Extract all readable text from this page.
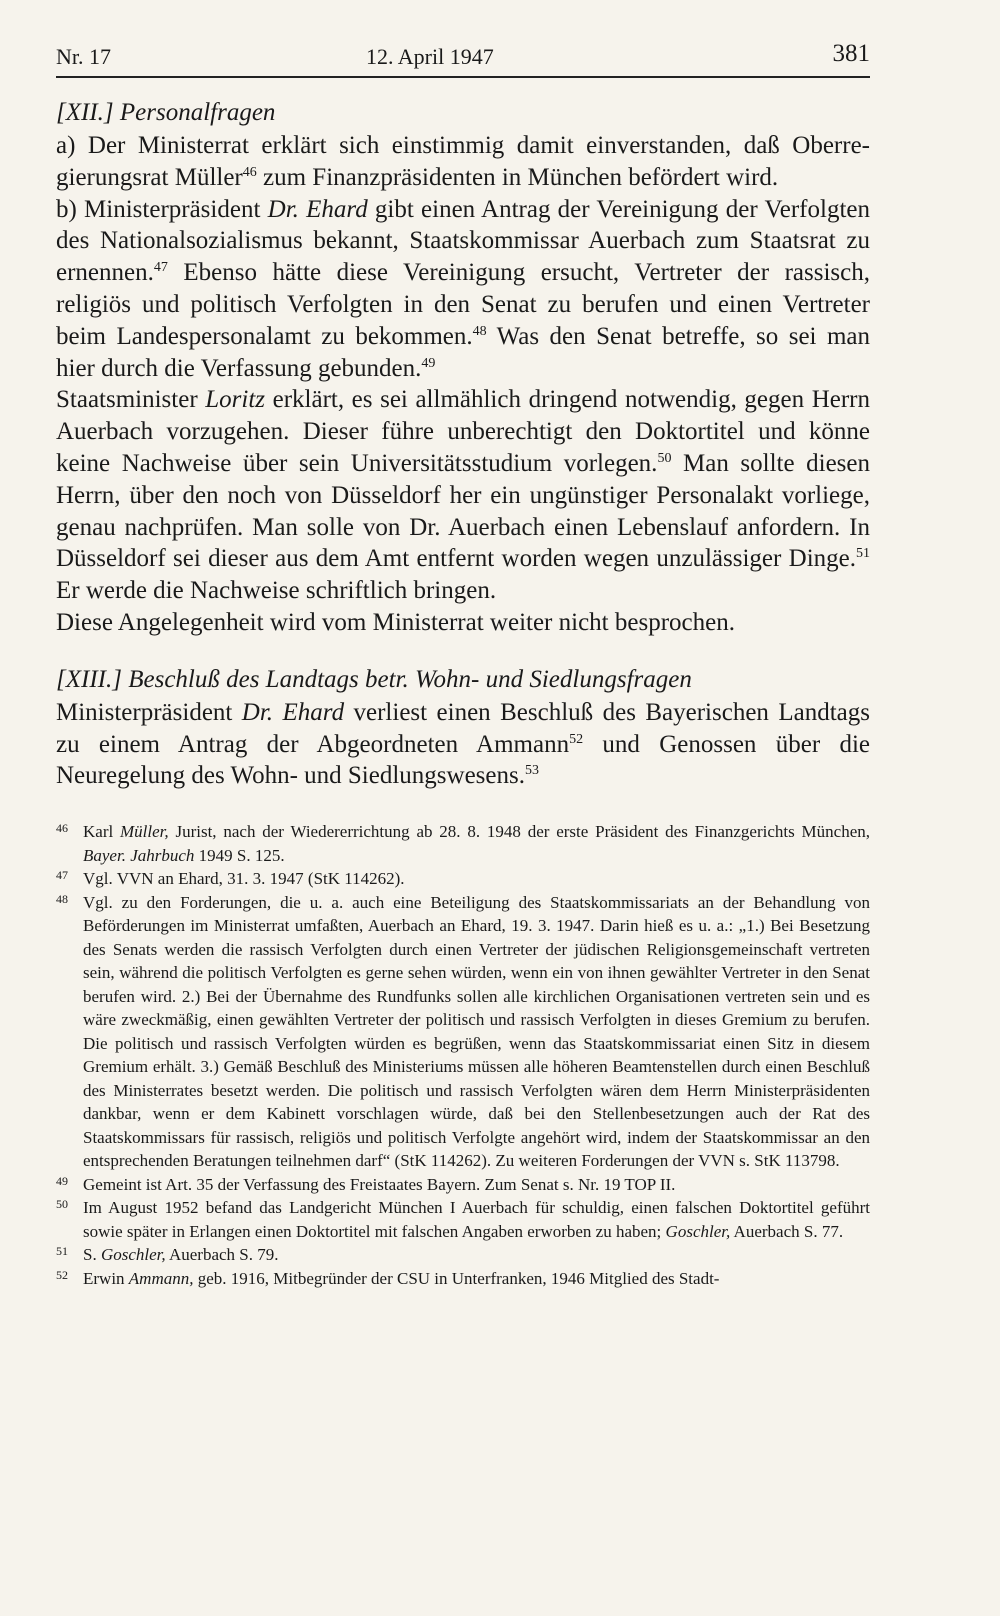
Nr. 17	12. April 1947	381
[XII.] Personalfragen

a) Der Ministerrat erklärt sich einstimmig damit einverstanden, daß Oberre-gierungsrat Müller$^{46}$ zum Finanzpräsidenten in München befördert wird.

b) Ministerpräsident Dr. Ehard gibt einen Antrag der Vereinigung der Verfolgten des Nationalsozialismus bekannt, Staatskommissar Auerbach zum Staatsrat zu ernennen.$^{47}$ Ebenso hätte diese Vereinigung ersucht, Vertreter der rassisch, religiös und politisch Verfolgten in den Senat zu berufen und einen Vertreter beim Landespersonalamt zu bekommen.$^{48}$ Was den Senat betreffe, so sei man hier durch die Verfassung gebunden.$^{49}$

Staatsminister Loritz erklärt, es sei allmählich dringend notwendig, gegen Herrn Auerbach vorzugehen. Dieser führe unberechtigt den Doktortitel und könne keine Nachweise über sein Universitätsstudium vorlegen.$^{50}$ Man sollte diesen Herrn, über den noch von Düsseldorf her ein ungünstiger Personalakt vorliege, genau nachprüfen. Man solle von Dr. Auerbach einen Lebenslauf anfordern. In Düsseldorf sei dieser aus dem Amt entfernt worden wegen unzulässiger Dinge.$^{51}$ Er werde die Nachweise schriftlich bringen.

Diese Angelegenheit wird vom Ministerrat weiter nicht besprochen.

[XIII.] Beschluß des Landtags betr. Wohn- und Siedlungsfragen

Ministerpräsident Dr. Ehard verliest einen Beschluß des Bayerischen Landtags zu einem Antrag der Abgeordneten Ammann$^{52}$ und Genossen über die Neuregelung des Wohn- und Siedlungswesens.$^{53}$

46 Karl Müller, Jurist, nach der Wiedererrichtung ab 28. 8. 1948 der erste Präsident des Finanzgerichts München, Bayer. Jahrbuch 1949 S. 125.
47 Vgl. VVN an Ehard, 31. 3. 1947 (StK 114262).
48 Vgl. zu den Forderungen, die u. a. auch eine Beteiligung des Staatskommissariats an der Behandlung von Beförderungen im Ministerrat umfaßten, Auerbach an Ehard, 19. 3. 1947. Darin hieß es u. a.: „1.) Bei Besetzung des Senats werden die rassisch Verfolgten durch einen Vertreter der jüdischen Religionsgemeinschaft vertreten sein, während die politisch Verfolgten es gerne sehen würden, wenn ein von ihnen gewählter Vertreter in den Senat berufen wird. 2.) Bei der Übernahme des Rundfunks sollen alle kirchlichen Organisationen vertreten sein und es wäre zweckmäßig, einen gewählten Vertreter der politisch und rassisch Verfolgten in dieses Gremium zu berufen. Die politisch und rassisch Verfolgten würden es begrüßen, wenn das Staatskommissariat einen Sitz in diesem Gremium erhält. 3.) Gemäß Beschluß des Ministeriums müssen alle höheren Beamtenstellen durch einen Beschluß des Ministerrates besetzt werden. Die politisch und rassisch Verfolgten wären dem Herrn Ministerpräsidenten dankbar, wenn er dem Kabinett vorschlagen würde, daß bei den Stellenbesetzungen auch der Rat des Staatskommissars für rassisch, religiös und politisch Verfolgte angehört wird, indem der Staatskommissar an den entsprechenden Beratungen teilnehmen darf“ (StK 114262). Zu weiteren Forderungen der VVN s. StK 113798.
49 Gemeint ist Art. 35 der Verfassung des Freistaates Bayern. Zum Senat s. Nr. 19 TOP II.
50 Im August 1952 befand das Landgericht München I Auerbach für schuldig, einen falschen Doktortitel geführt sowie später in Erlangen einen Doktortitel mit falschen Angaben erworben zu haben; Goschler, Auerbach S. 77.
51 S. Goschler, Auerbach S. 79.
52 Erwin Ammann, geb. 1916, Mitbegründer der CSU in Unterfranken, 1946 Mitglied des Stadt-
